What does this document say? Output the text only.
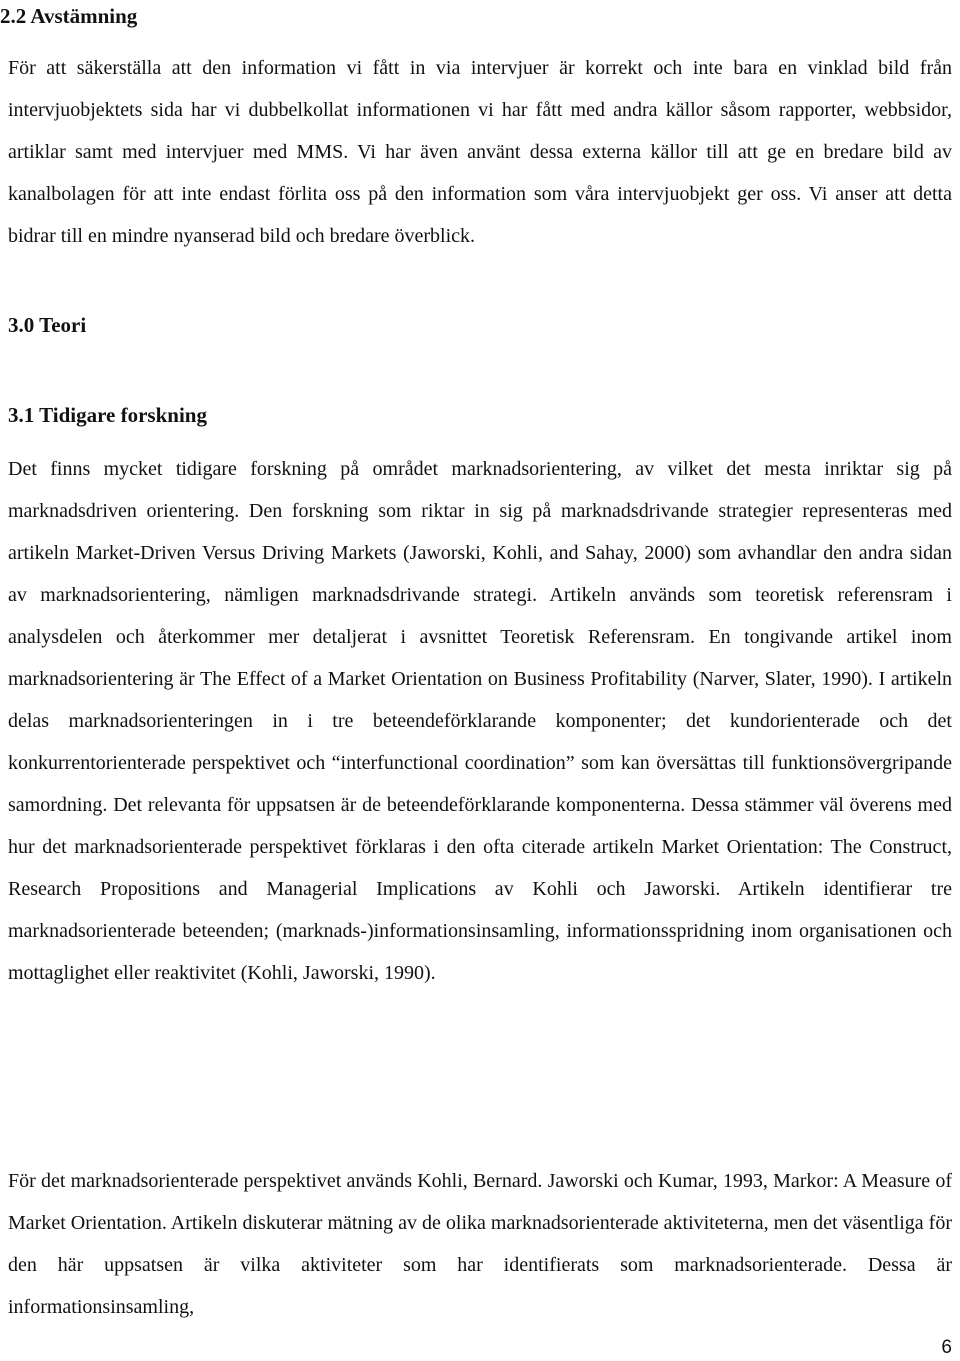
2.2 Avstämning

För att säkerställa att den information vi fått in via intervjuer är korrekt och inte bara en vinklad bild från intervjuobjektets sida har vi dubbelkollat informationen vi har fått med andra källor såsom rapporter, webbsidor, artiklar samt med intervjuer med MMS. Vi har även använt dessa externa källor till att ge en bredare bild av kanalbolagen för att inte endast förlita oss på den information som våra intervjuobjekt ger oss. Vi anser att detta bidrar till en mindre nyanserad bild och bredare överblick.

3.0 Teori
3.1 Tidigare forskning

Det finns mycket tidigare forskning på området marknadsorientering, av vilket det mesta inriktar sig på marknadsdriven orientering. Den forskning som riktar in sig på marknadsdrivande strategier representeras med artikeln Market-Driven Versus Driving Markets (Jaworski, Kohli, and Sahay, 2000) som avhandlar den andra sidan av marknadsorientering, nämligen marknadsdrivande strategi. Artikeln används som teoretisk referensram i analysdelen och återkommer mer detaljerat i avsnittet Teoretisk Referensram. En tongivande artikel inom marknadsorientering är The Effect of a Market Orientation on Business Profitability (Narver, Slater, 1990). I artikeln delas marknadsorienteringen in i tre beteendeförklarande komponenter; det kundorienterade och det konkurrentorienterade perspektivet och “interfunctional coordination” som kan översättas till funktionsövergripande samordning. Det relevanta för uppsatsen är de beteendeförklarande komponenterna. Dessa stämmer väl överens med hur det marknadsorienterade perspektivet förklaras i den ofta citerade artikeln Market Orientation: The Construct, Research Propositions and Managerial Implications av Kohli och Jaworski. Artikeln identifierar tre marknadsorienterade beteenden; (marknads-)informationsinsamling, informationsspridning inom organisationen och mottaglighet eller reaktivitet (Kohli, Jaworski, 1990).

För det marknadsorienterade perspektivet används Kohli, Bernard. Jaworski och Kumar, 1993, Markor: A Measure of Market Orientation. Artikeln diskuterar mätning av de olika marknadsorienterade aktiviteterna, men det väsentliga för den här uppsatsen är vilka aktiviteter som har identifierats som marknadsorienterade. Dessa är informationsinsamling,

6
